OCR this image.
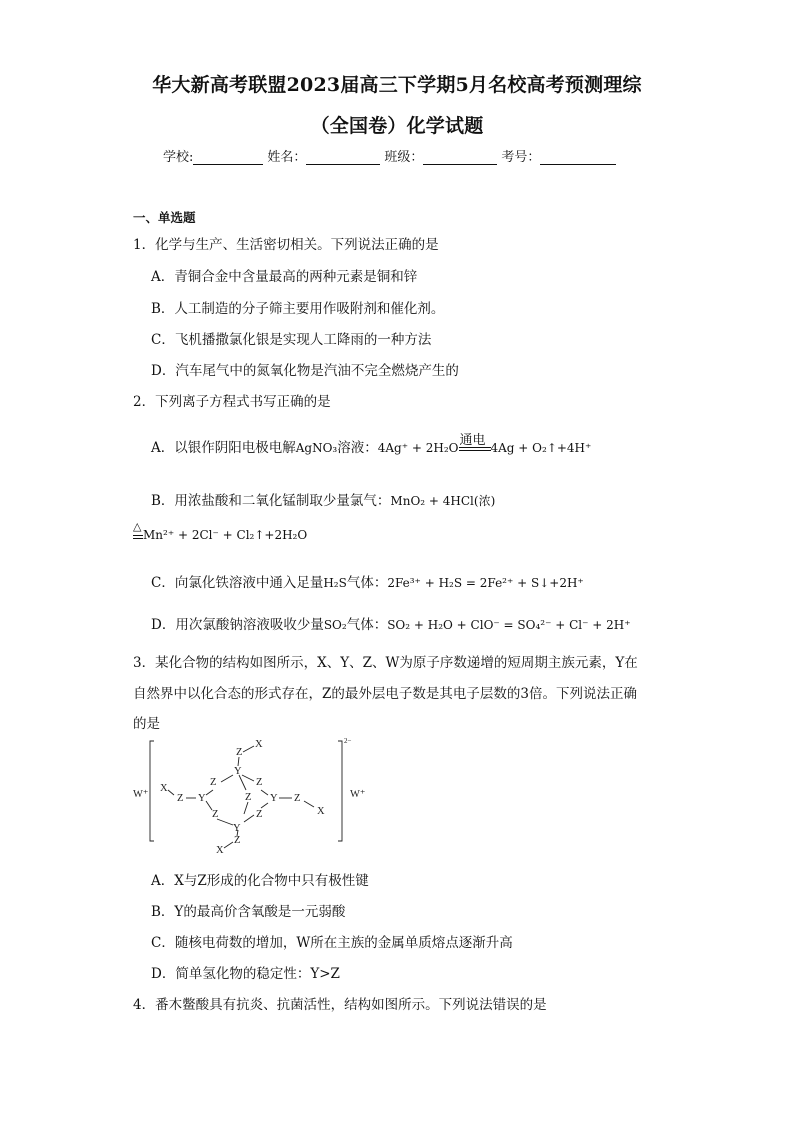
华大新高考联盟2023届高三下学期5月名校高考预测理综
（全国卷）化学试题
学校:	姓名：	班级：	考号：
一、单选题
1．化学与生产、生活密切相关。下列说法正确的是
A．青铜合金中含量最高的两种元素是铜和锌
B．人工制造的分子筛主要用作吸附剂和催化剂。
C．飞机播撒氯化银是实现人工降雨的一种方法
D．汽车尾气中的氮氧化物是汽油不完全燃烧产生的
2．下列离子方程式书写正确的是
A．以银作阴阳电极电解AgNO₃溶液：4Ag⁺ + 2H₂O
通电
4Ag + O₂↑+4H⁺
B．用浓盐酸和二氧化锰制取少量氯气：MnO₂ + 4HCl(浓)
△
Mn²⁺ + 2Cl⁻ + Cl₂↑+2H₂O
C．向氯化铁溶液中通入足量H₂S气体：2Fe³⁺ + H₂S = 2Fe²⁺ + S↓+2H⁺
D．用次氯酸钠溶液吸收少量SO₂气体：SO₂ + H₂O + ClO⁻ = SO₄²⁻ + Cl⁻ + 2H⁺
3．某化合物的结构如图所示，X、Y、Z、W为原子序数递增的短周期主族元素，Y在
自然界中以化合态的形式存在，Z的最外层电子数是其电子层数的3倍。下列说法正确
的是
W⁺	W⁺
2−
Z
X
Y
Z	Z
X
Z Y	Z Y Z
X
Z	Z
Y
Z
X
A．X与Z形成的化合物中只有极性键
B．Y的最高价含氧酸是一元弱酸
C．随核电荷数的增加，W所在主族的金属单质熔点逐渐升高
D．简单氢化物的稳定性：Y>Z
4．番木鳖酸具有抗炎、抗菌活性，结构如图所示。下列说法错误的是
